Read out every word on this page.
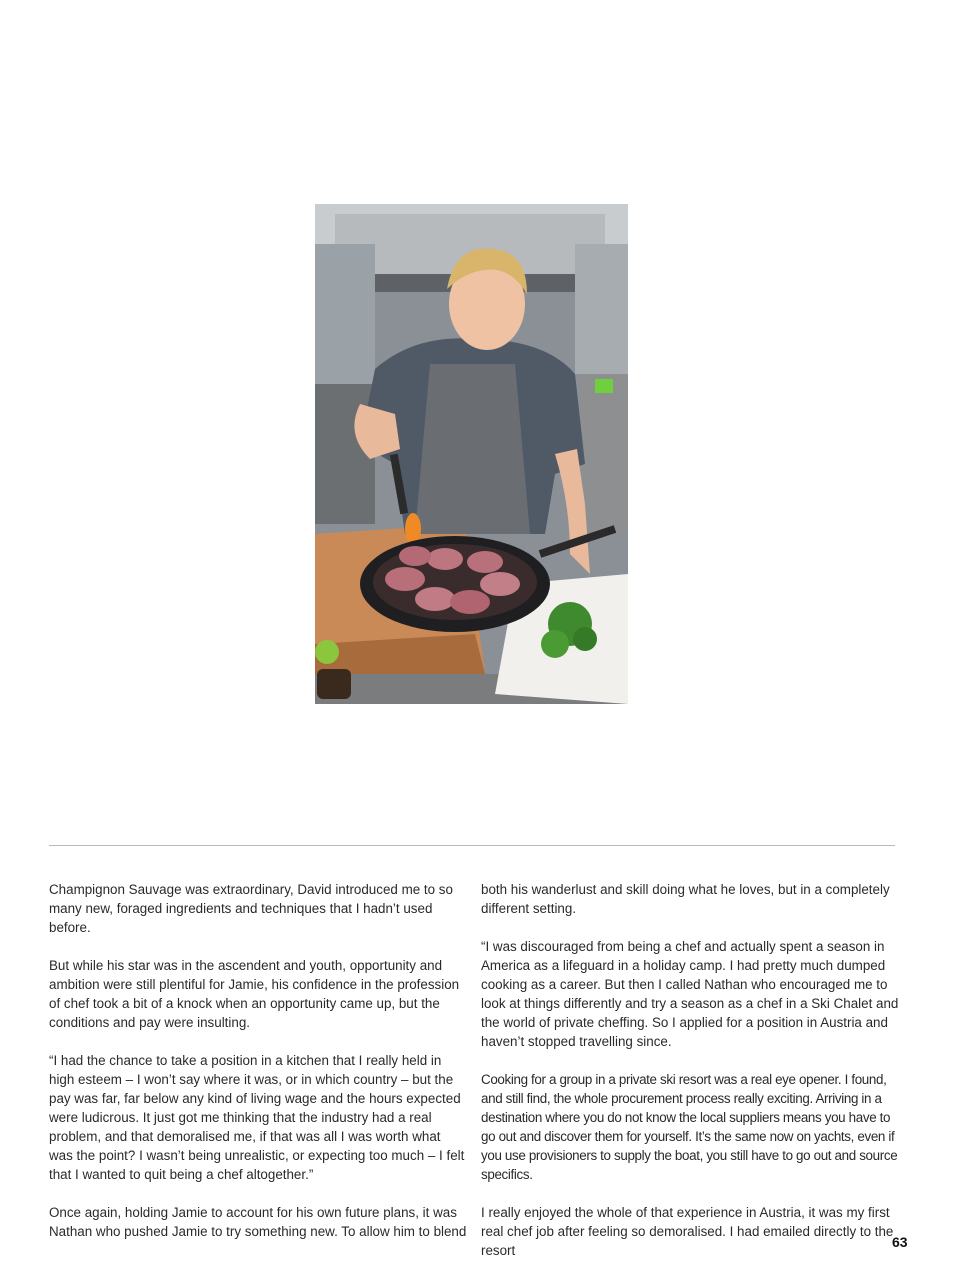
Champignon Sauvage was extraordinary, David introduced me to so many new, foraged ingredients and techniques that I hadn’t used before.

But while his star was in the ascendent and youth, opportunity and ambition were still plentiful for Jamie, his confidence in the profession of chef took a bit of a knock when an opportunity came up, but the conditions and pay were insulting.

“I had the chance to take a position in a kitchen that I really held in high esteem – I won’t say where it was, or in which country – but the pay was far, far below any kind of living wage and the hours expected were ludicrous. It just got me thinking that the industry had a real problem, and that demoralised me, if that was all I was worth what was the point? I wasn’t being unrealistic, or expecting too much – I felt that I wanted to quit being a chef altogether.”

Once again, holding Jamie to account for his own future plans, it was Nathan who pushed Jamie to try something new. To allow him to blend

both his wanderlust and skill doing what he loves, but in a completely different setting.

“I was discouraged from being a chef and actually spent a season in America as a lifeguard in a holiday camp. I had pretty much dumped cooking as a career. But then I called Nathan who encouraged me to look at things differently and try a season as a chef in a Ski Chalet and the world of private cheffing. So I applied for a position in Austria and haven’t stopped travelling since.

Cooking for a group in a private ski resort was a real eye opener. I found, and still find, the whole procurement process really exciting. Arriving in a destination where you do not know the local suppliers means you have to go out and discover them for yourself. It’s the same now on yachts, even if you use provisioners to supply the boat, you still have to go out and source specifics.

I really enjoyed the whole of that experience in Austria, it was my first real chef job after feeling so demoralised. I had emailed directly to the resort

63
